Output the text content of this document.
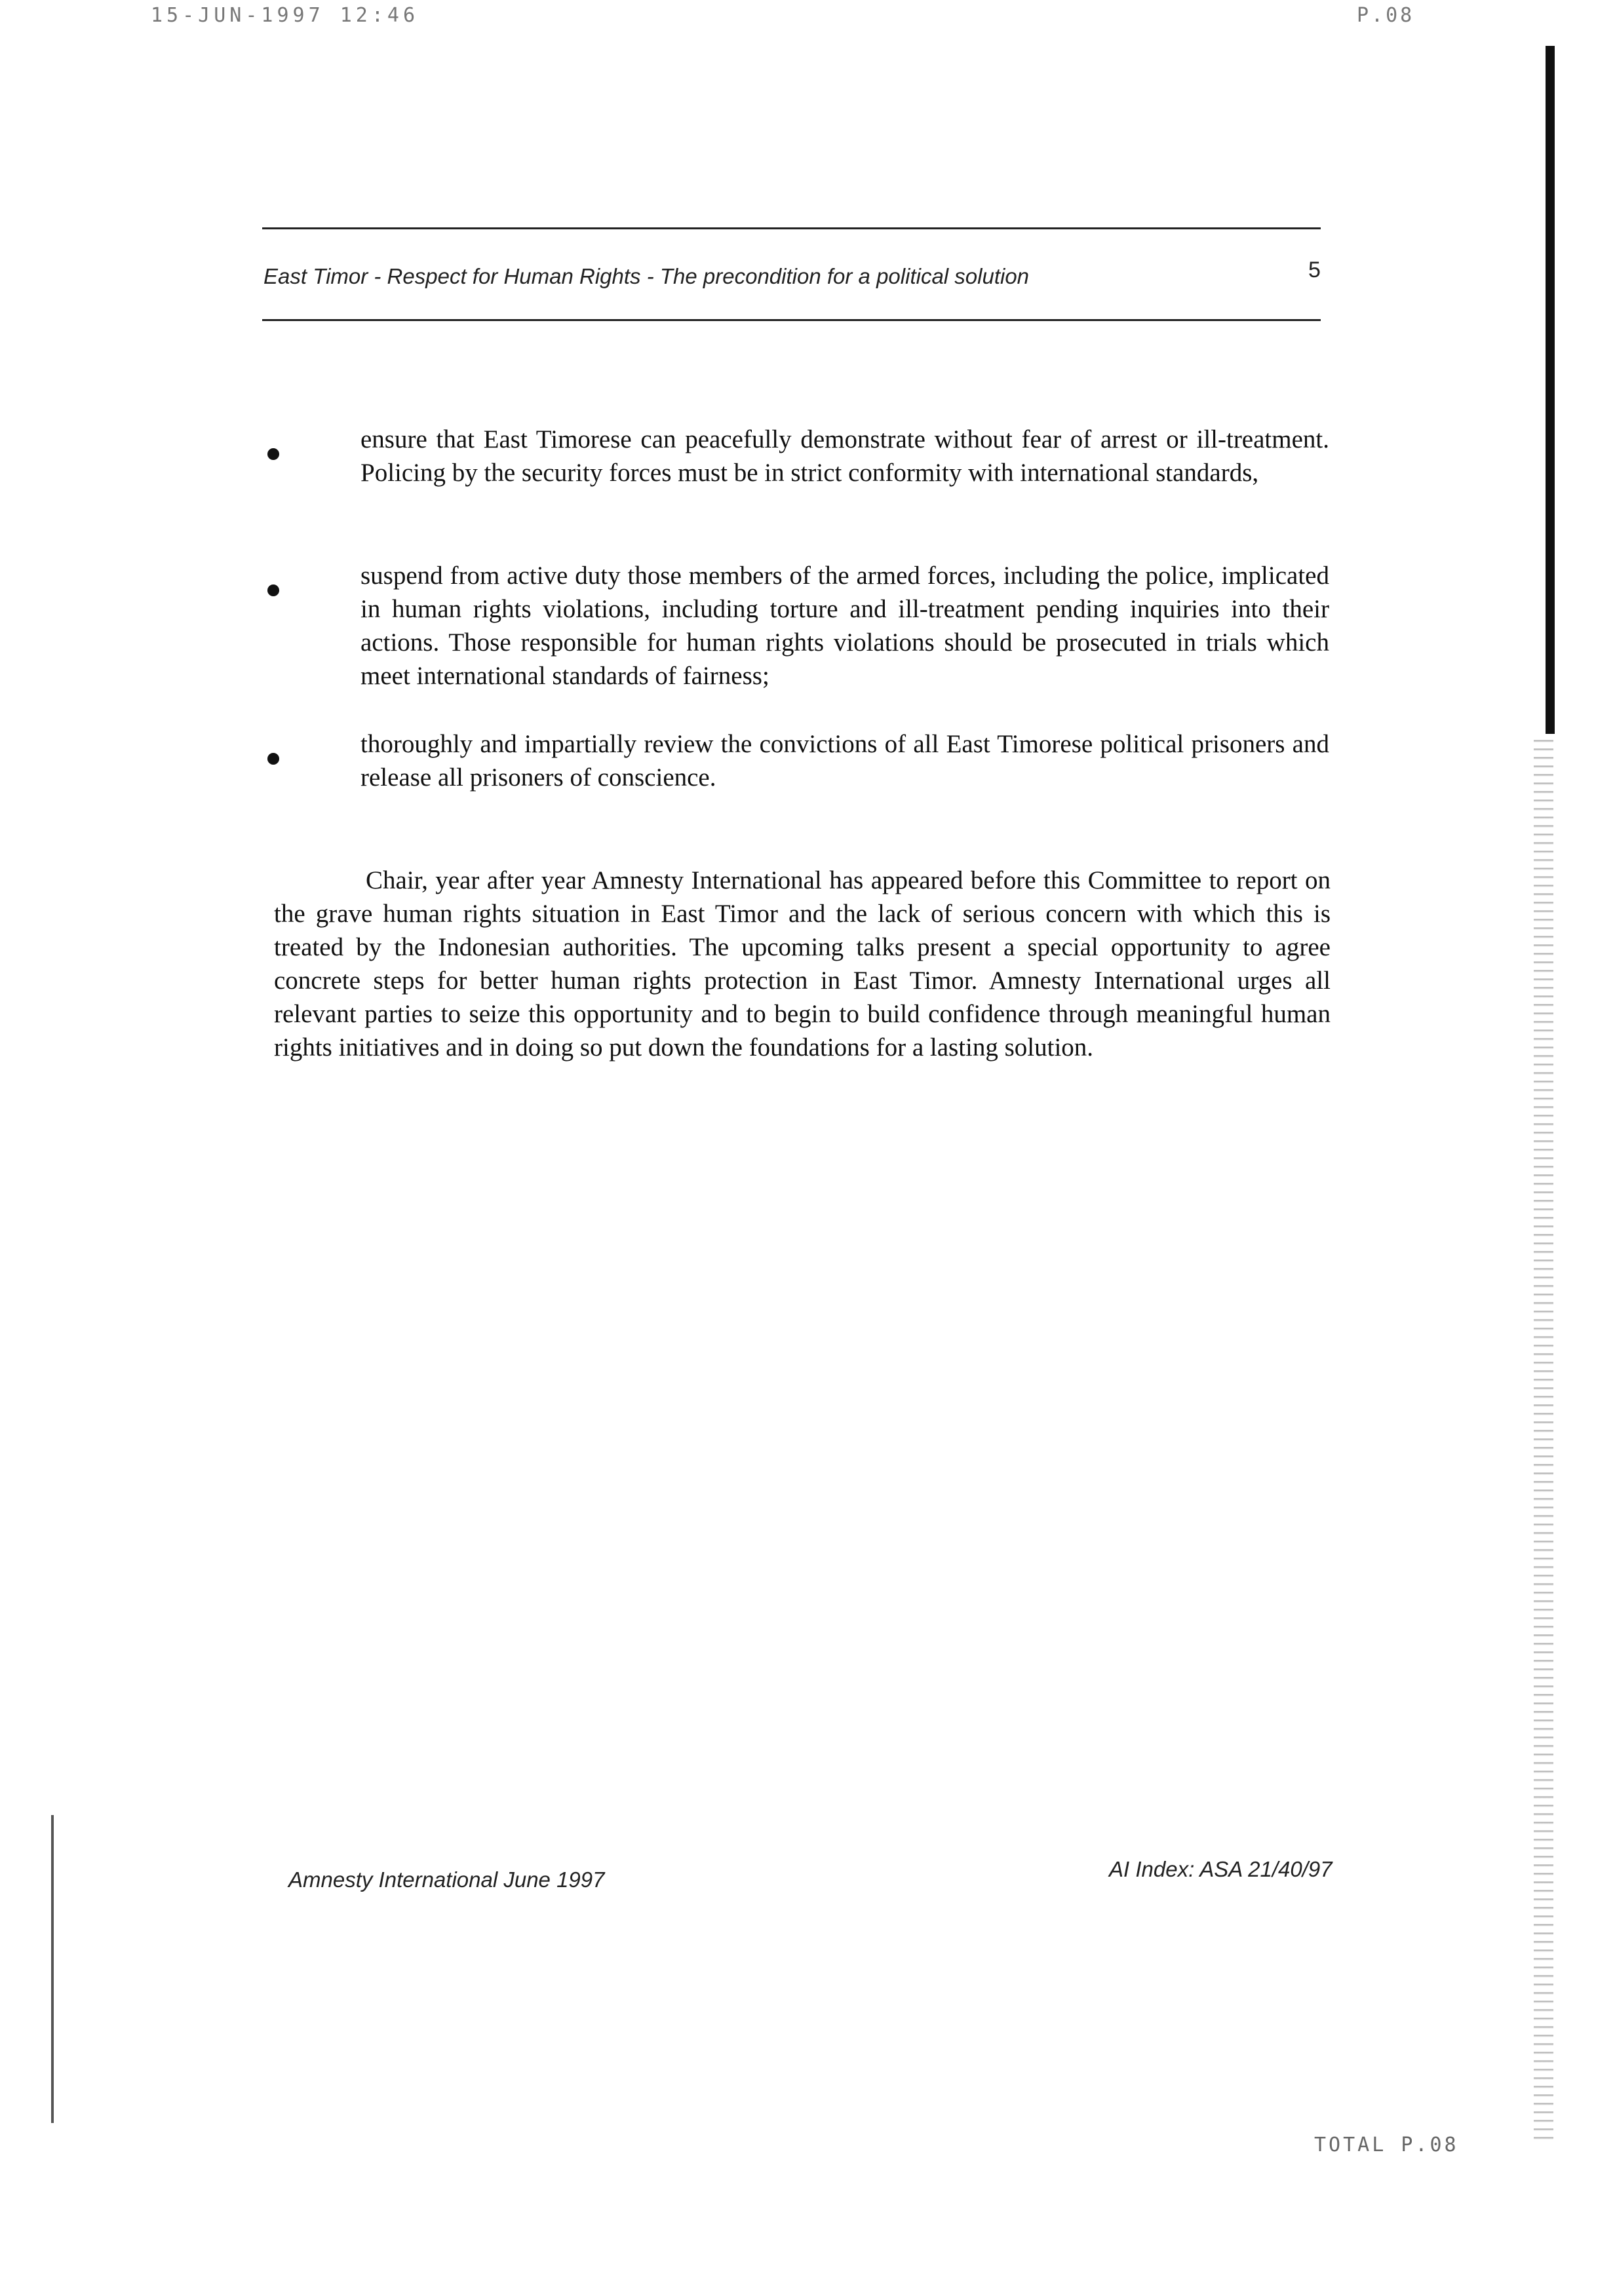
15-JUN-1997 12:46	P.08
East Timor - Respect for Human Rights - The precondition for a political solution	5
ensure that East Timorese can peacefully demonstrate without fear of arrest or ill-treatment. Policing by the security forces must be in strict conformity with international standards,
suspend from active duty those members of the armed forces, including the police, implicated in human rights violations, including torture and ill-treatment pending inquiries into their actions. Those responsible for human rights violations should be prosecuted in trials which meet international standards of fairness;
thoroughly and impartially review the convictions of all East Timorese political prisoners and release all prisoners of conscience.
Chair, year after year Amnesty International has appeared before this Committee to report on the grave human rights situation in East Timor and the lack of serious concern with which this is treated by the Indonesian authorities. The upcoming talks present a special opportunity to agree concrete steps for better human rights protection in East Timor. Amnesty International urges all relevant parties to seize this opportunity and to begin to build confidence through meaningful human rights initiatives and in doing so put down the foundations for a lasting solution.
Amnesty International June 1997	AI Index: ASA 21/40/97
TOTAL P.08
